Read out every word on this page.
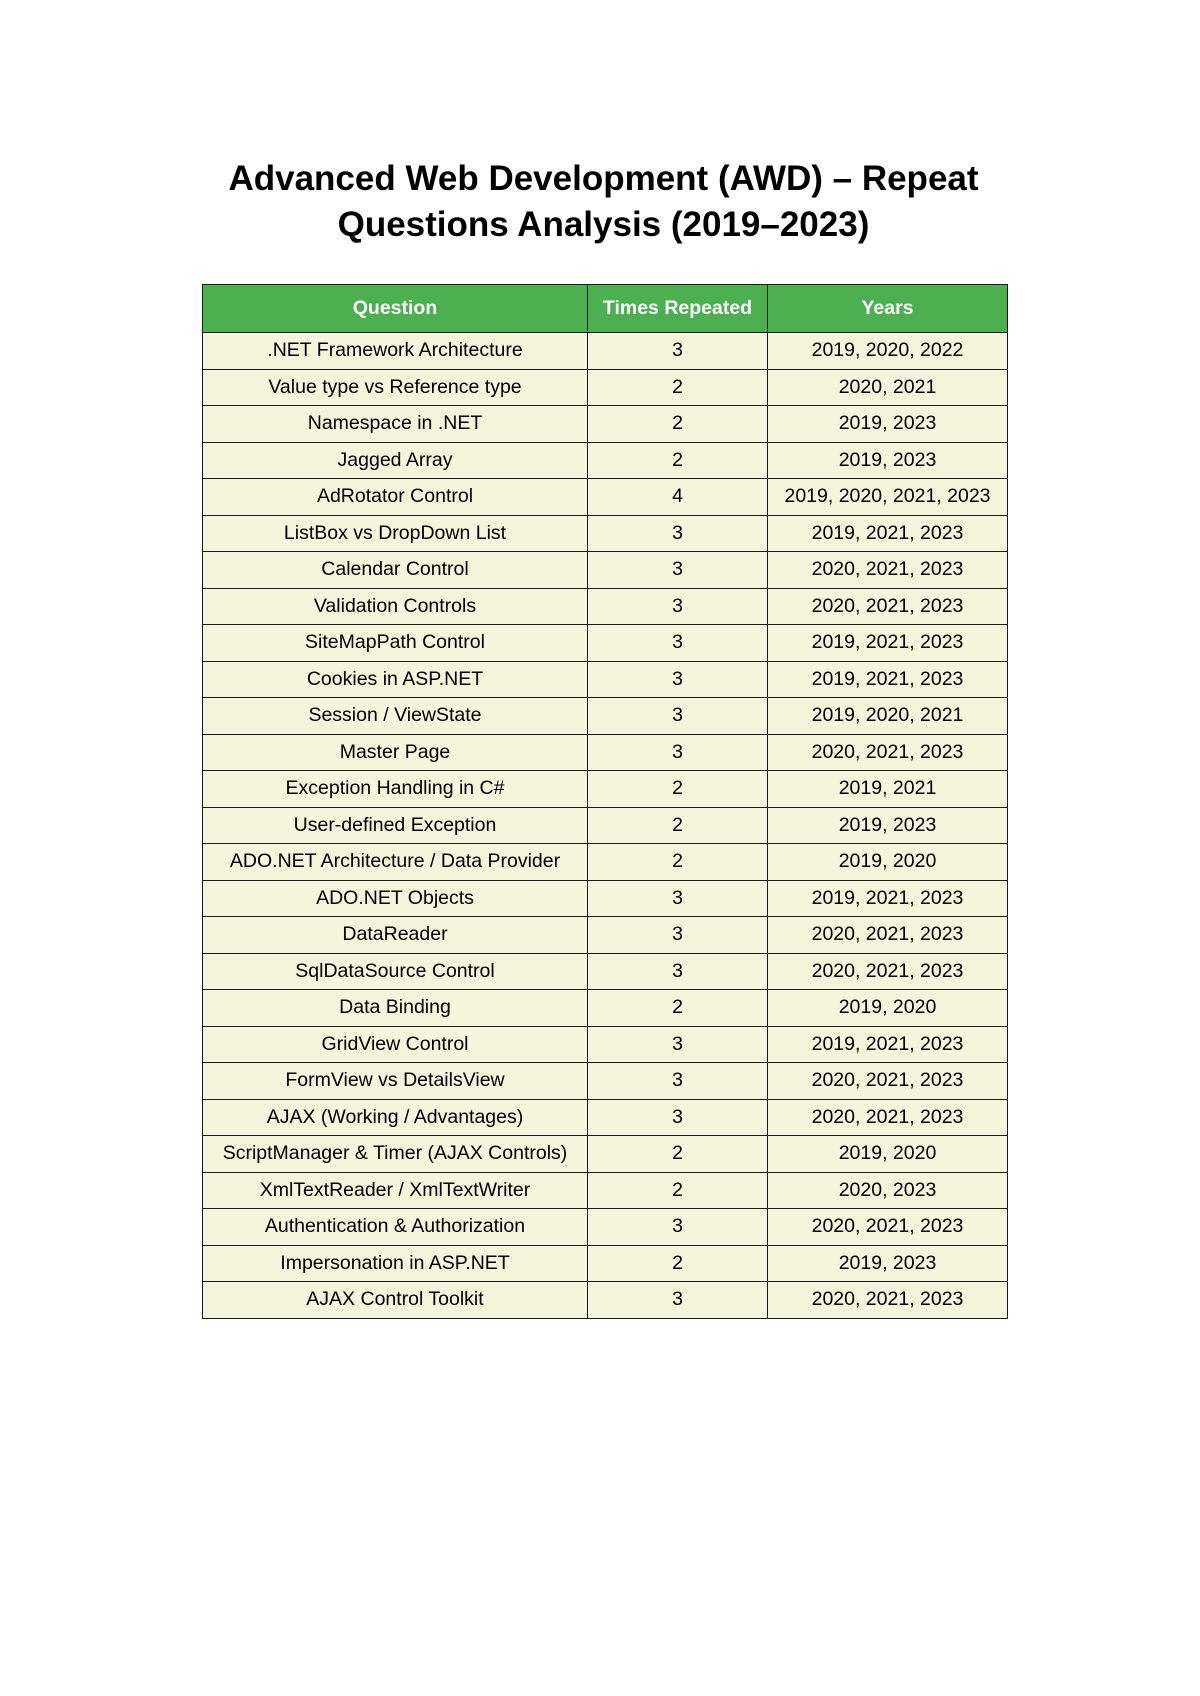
Advanced Web Development (AWD) – Repeat
Questions Analysis (2019–2023)
Question	Times Repeated	Years
.NET Framework Architecture	3	2019, 2020, 2022
Value type vs Reference type	2	2020, 2021
Namespace in .NET	2	2019, 2023
Jagged Array	2	2019, 2023
AdRotator Control	4	2019, 2020, 2021, 2023
ListBox vs DropDown List	3	2019, 2021, 2023
Calendar Control	3	2020, 2021, 2023
Validation Controls	3	2020, 2021, 2023
SiteMapPath Control	3	2019, 2021, 2023
Cookies in ASP.NET	3	2019, 2021, 2023
Session / ViewState	3	2019, 2020, 2021
Master Page	3	2020, 2021, 2023
Exception Handling in C#	2	2019, 2021
User-defined Exception	2	2019, 2023
ADO.NET Architecture / Data Provider	2	2019, 2020
ADO.NET Objects	3	2019, 2021, 2023
DataReader	3	2020, 2021, 2023
SqlDataSource Control	3	2020, 2021, 2023
Data Binding	2	2019, 2020
GridView Control	3	2019, 2021, 2023
FormView vs DetailsView	3	2020, 2021, 2023
AJAX (Working / Advantages)	3	2020, 2021, 2023
ScriptManager & Timer (AJAX Controls)	2	2019, 2020
XmlTextReader / XmlTextWriter	2	2020, 2023
Authentication & Authorization	3	2020, 2021, 2023
Impersonation in ASP.NET	2	2019, 2023
AJAX Control Toolkit	3	2020, 2021, 2023
